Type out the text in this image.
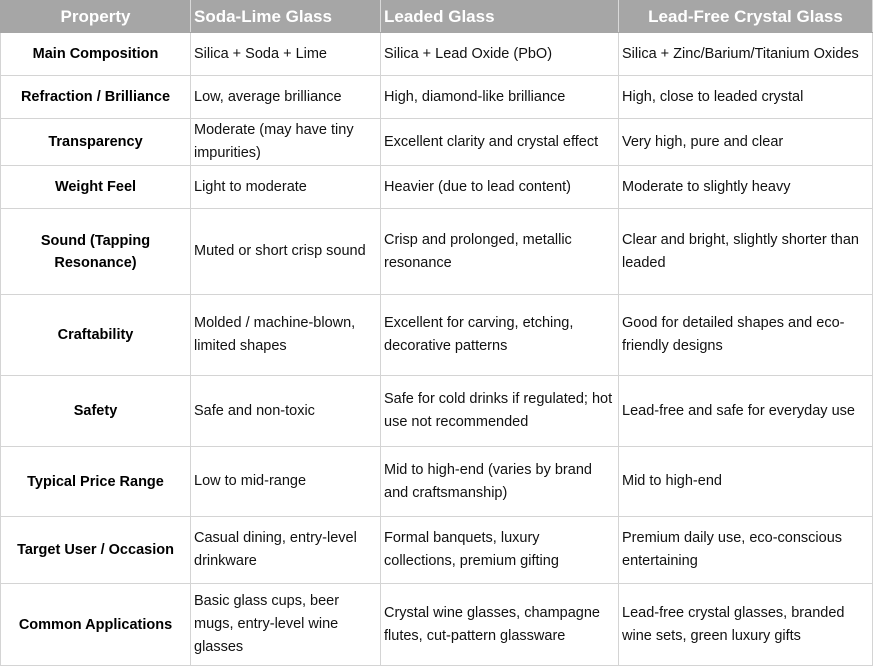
Property	Soda-Lime Glass	Leaded Glass	Lead-Free Crystal Glass
Main Composition	Silica + Soda + Lime	Silica + Lead Oxide (PbO)	Silica + Zinc/Barium/Titanium Oxides
Refraction / Brilliance	Low, average brilliance	High, diamond-like brilliance	High, close to leaded crystal
Transparency	Moderate (may have tiny impurities)	Excellent clarity and crystal effect	Very high, pure and clear
Weight Feel	Light to moderate	Heavier (due to lead content)	Moderate to slightly heavy
Sound (Tapping Resonance)	Muted or short crisp sound	Crisp and prolonged, metallic resonance	Clear and bright, slightly shorter than leaded
Craftability	Molded / machine-blown, limited shapes	Excellent for carving, etching, decorative patterns	Good for detailed shapes and eco-friendly designs
Safety	Safe and non-toxic	Safe for cold drinks if regulated; hot use not recommended	Lead-free and safe for everyday use
Typical Price Range	Low to mid-range	Mid to high-end (varies by brand and craftsmanship)	Mid to high-end
Target User / Occasion	Casual dining, entry-level drinkware	Formal banquets, luxury collections, premium gifting	Premium daily use, eco-conscious entertaining
Common Applications	Basic glass cups, beer mugs, entry-level wine glasses	Crystal wine glasses, champagne flutes, cut-pattern glassware	Lead-free crystal glasses, branded wine sets, green luxury gifts
